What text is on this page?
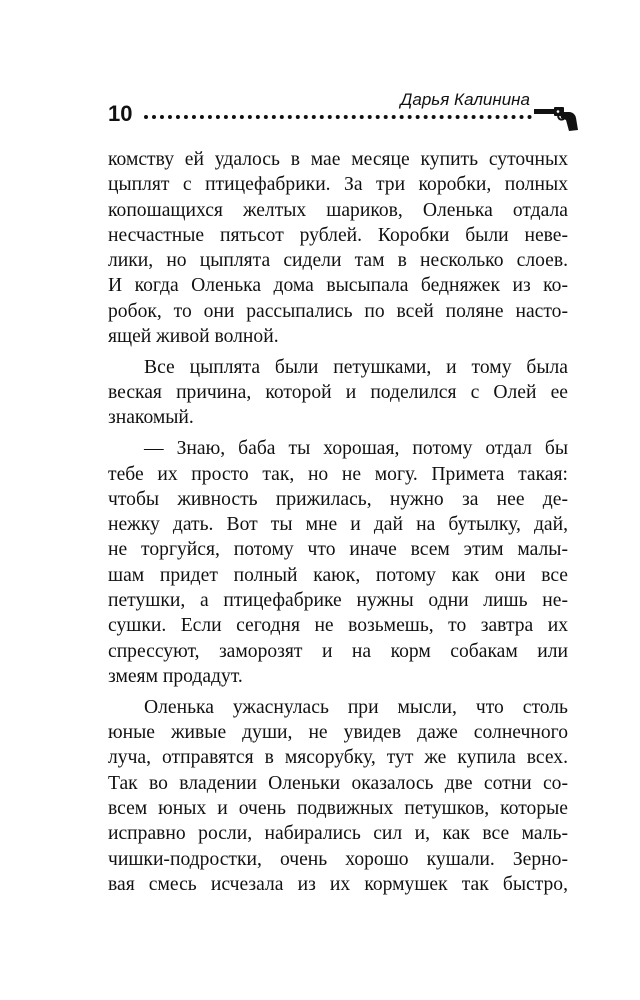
10
Дарья Калинина

комству ей удалось в мае месяце купить суточных
цыплят с птицефабрики. За три коробки, полных
копошащихся желтых шариков, Оленька отдала
несчастные пятьсот рублей. Коробки были неве-
лики, но цыплята сидели там в несколько слоев.
И когда Оленька дома высыпала бедняжек из ко-
робок, то они рассыпались по всей поляне насто-
ящей живой волной.

Все цыплята были петушками, и тому была
веская причина, которой и поделился с Олей ее
знакомый.

— Знаю, баба ты хорошая, потому отдал бы
тебе их просто так, но не могу. Примета такая:
чтобы живность прижилась, нужно за нее де-
нежку дать. Вот ты мне и дай на бутылку, дай,
не торгуйся, потому что иначе всем этим малы-
шам придет полный каюк, потому как они все
петушки, а птицефабрике нужны одни лишь не-
сушки. Если сегодня не возьмешь, то завтра их
спрессуют, заморозят и на корм собакам или
змеям продадут.

Оленька ужаснулась при мысли, что столь
юные живые души, не увидев даже солнечного
луча, отправятся в мясорубку, тут же купила всех.
Так во владении Оленьки оказалось две сотни со-
всем юных и очень подвижных петушков, которые
исправно росли, набирались сил и, как все маль-
чишки-подростки, очень хорошо кушали. Зерно-
вая смесь исчезала из их кормушек так быстро,
